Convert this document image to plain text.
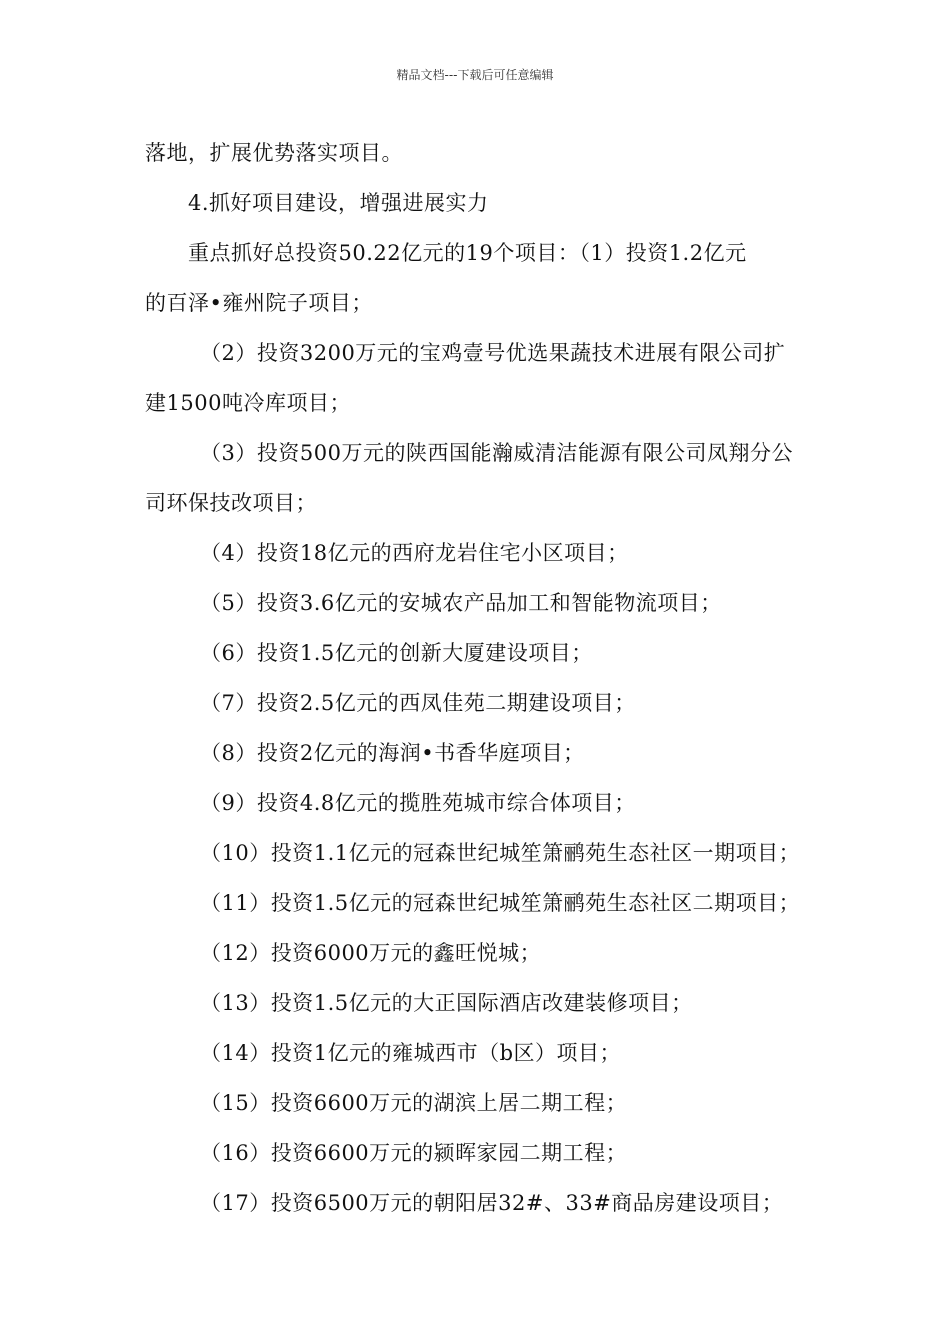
精品文档---下载后可任意编辑
落地，扩展优势落实项目。
4.抓好项目建设，增强进展实力
重点抓好总投资50.22亿元的19个项目：（1）投资1.2亿元
的百泽•雍州院子项目；
（2）投资3200万元的宝鸡壹号优选果蔬技术进展有限公司扩
建1500吨冷库项目；
（3）投资500万元的陕西国能瀚威清洁能源有限公司凤翔分公
司环保技改项目；
（4）投资18亿元的西府龙岩住宅小区项目；
（5）投资3.6亿元的安城农产品加工和智能物流项目；
（6）投资1.5亿元的创新大厦建设项目；
（7）投资2.5亿元的西凤佳苑二期建设项目；
（8）投资2亿元的海润•书香华庭项目；
（9）投资4.8亿元的揽胜苑城市综合体项目；
（10）投资1.1亿元的冠森世纪城笙箫鹂苑生态社区一期项目；
（11）投资1.5亿元的冠森世纪城笙箫鹂苑生态社区二期项目；
（12）投资6000万元的鑫旺悦城；
（13）投资1.5亿元的大正国际酒店改建装修项目；
（14）投资1亿元的雍城西市（b区）项目；
（15）投资6600万元的湖滨上居二期工程；
（16）投资6600万元的颍晖家园二期工程；
（17）投资6500万元的朝阳居32#、33#商品房建设项目；
